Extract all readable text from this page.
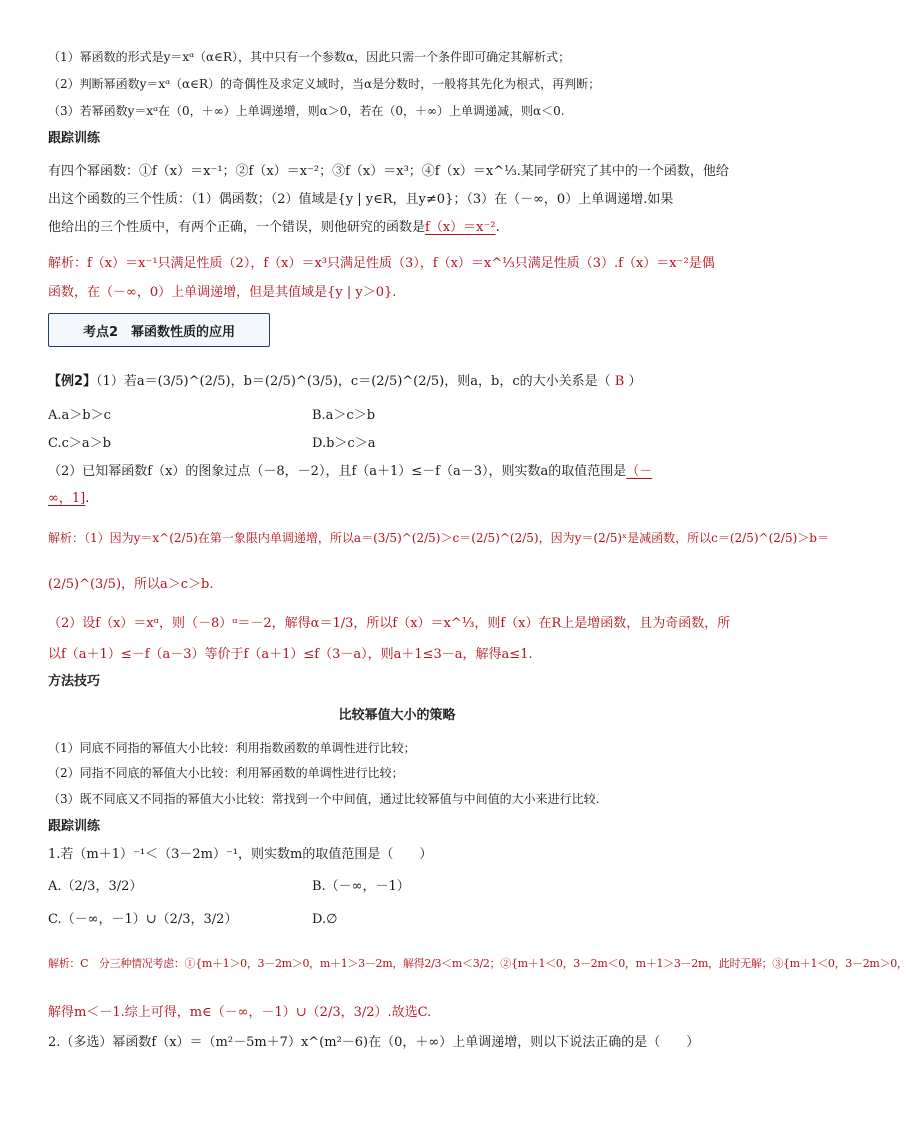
（1）幂函数的形式是y＝xᵅ（α∈R），其中只有一个参数α，因此只需一个条件即可确定其解析式；
（2）判断幂函数y＝xᵅ（α∈R）的奇偶性及求定义域时，当α是分数时，一般将其先化为根式，再判断；
（3）若幂函数y＝xᵅ在（0，＋∞）上单调递增，则α＞0，若在（0，＋∞）上单调递减，则α＜0.
跟踪训练
有四个幂函数：①f（x）＝x⁻¹；②f（x）＝x⁻²；③f（x）＝x³；④f（x）＝x^⅓.某同学研究了其中的一个函数，他给
出这个函数的三个性质：（1）偶函数；（2）值域是{y | y∈R，且y≠0}；（3）在（－∞，0）上单调递增.如果
他给出的三个性质中，有两个正确，一个错误，则他研究的函数是f（x）＝x⁻².
解析：f（x）＝x⁻¹只满足性质（2），f（x）＝x³只满足性质（3），f（x）＝x^⅓只满足性质（3）.f（x）＝x⁻²是偶
函数，在（－∞，0）上单调递增，但是其值域是{y | y＞0}.
考点2　幂函数性质的应用
【例2】（1）若a＝(3/5)^(2/5)，b＝(2/5)^(3/5)，c＝(2/5)^(2/5)，则a，b，c的大小关系是（ B ）
A.a＞b＞c	B.a＞c＞b
C.c＞a＞b	D.b＞c＞a
（2）已知幂函数f（x）的图象过点（－8，－2），且f（a＋1）≤－f（a－3），则实数a的取值范围是（－
∞，1].
解析：（1）因为y＝x^(2/5)在第一象限内单调递增，所以a＝(3/5)^(2/5)＞c＝(2/5)^(2/5)，因为y＝(2/5)ˣ是减函数，所以c＝(2/5)^(2/5)＞b＝
(2/5)^(3/5)，所以a＞c＞b.
（2）设f（x）＝xᵅ，则（－8）ᵅ＝－2，解得α＝1/3，所以f（x）＝x^⅓，则f（x）在R上是增函数，且为奇函数，所
以f（a＋1）≤－f（a－3）等价于f（a＋1）≤f（3－a），则a＋1≤3－a，解得a≤1.
方法技巧
比较幂值大小的策略
（1）同底不同指的幂值大小比较：利用指数函数的单调性进行比较；
（2）同指不同底的幂值大小比较：利用幂函数的单调性进行比较；
（3）既不同底又不同指的幂值大小比较：常找到一个中间值，通过比较幂值与中间值的大小来进行比较.
跟踪训练
1.若（m＋1）⁻¹＜（3－2m）⁻¹，则实数m的取值范围是（　　）
A.（2/3，3/2）	B.（－∞，－1）
C.（－∞，－1）∪（2/3，3/2）	D.∅
解析：C　分三种情况考虑：①{m＋1＞0，3－2m＞0，m＋1＞3－2m，解得2/3＜m＜3/2；②{m＋1＜0，3－2m＜0，m＋1＞3－2m，此时无解；③{m＋1＜0，3－2m＞0，
解得m＜－1.综上可得，m∈（－∞，－1）∪（2/3，3/2）.故选C.
2.（多选）幂函数f（x）＝（m²－5m＋7）x^(m²－6)在（0，＋∞）上单调递增，则以下说法正确的是（　　）
